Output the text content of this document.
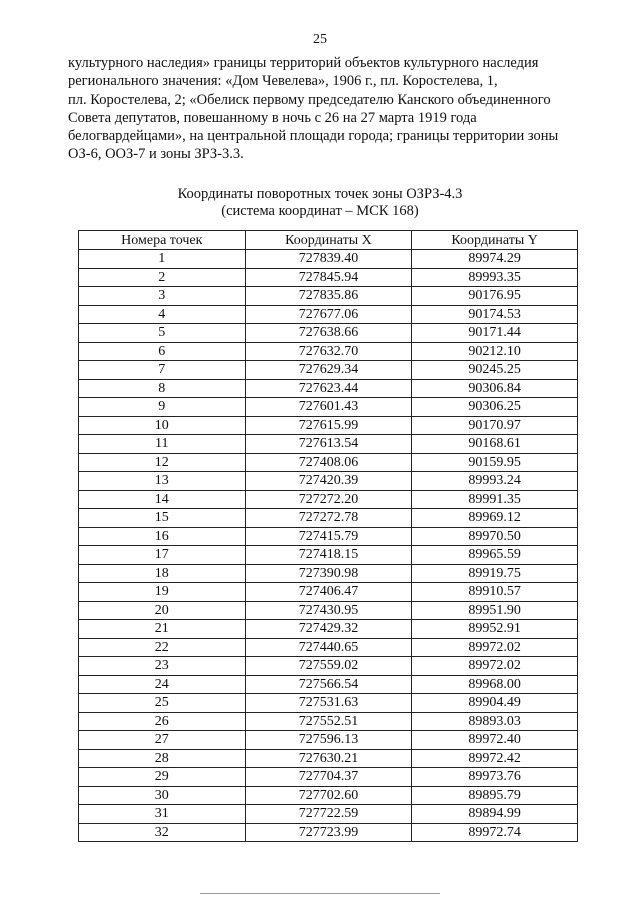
25
культурного наследия» границы территорий объектов культурного наследия
регионального значения: «Дом Чевелева», 1906 г., пл. Коростелева, 1,
пл. Коростелева, 2; «Обелиск первому председателю Канского объединенного
Совета депутатов, повешанному в ночь с 26 на 27 марта 1919 года
белогвардейцами», на центральной площади города; границы территории зоны
ОЗ-6, ООЗ-7 и зоны ЗРЗ-3.3.
Координаты поворотных точек зоны ОЗРЗ-4.3
(система координат – МСК 168)
Номера точек	Координаты X	Координаты Y
1	727839.40	89974.29
2	727845.94	89993.35
3	727835.86	90176.95
4	727677.06	90174.53
5	727638.66	90171.44
6	727632.70	90212.10
7	727629.34	90245.25
8	727623.44	90306.84
9	727601.43	90306.25
10	727615.99	90170.97
11	727613.54	90168.61
12	727408.06	90159.95
13	727420.39	89993.24
14	727272.20	89991.35
15	727272.78	89969.12
16	727415.79	89970.50
17	727418.15	89965.59
18	727390.98	89919.75
19	727406.47	89910.57
20	727430.95	89951.90
21	727429.32	89952.91
22	727440.65	89972.02
23	727559.02	89972.02
24	727566.54	89968.00
25	727531.63	89904.49
26	727552.51	89893.03
27	727596.13	89972.40
28	727630.21	89972.42
29	727704.37	89973.76
30	727702.60	89895.79
31	727722.59	89894.99
32	727723.99	89972.74
